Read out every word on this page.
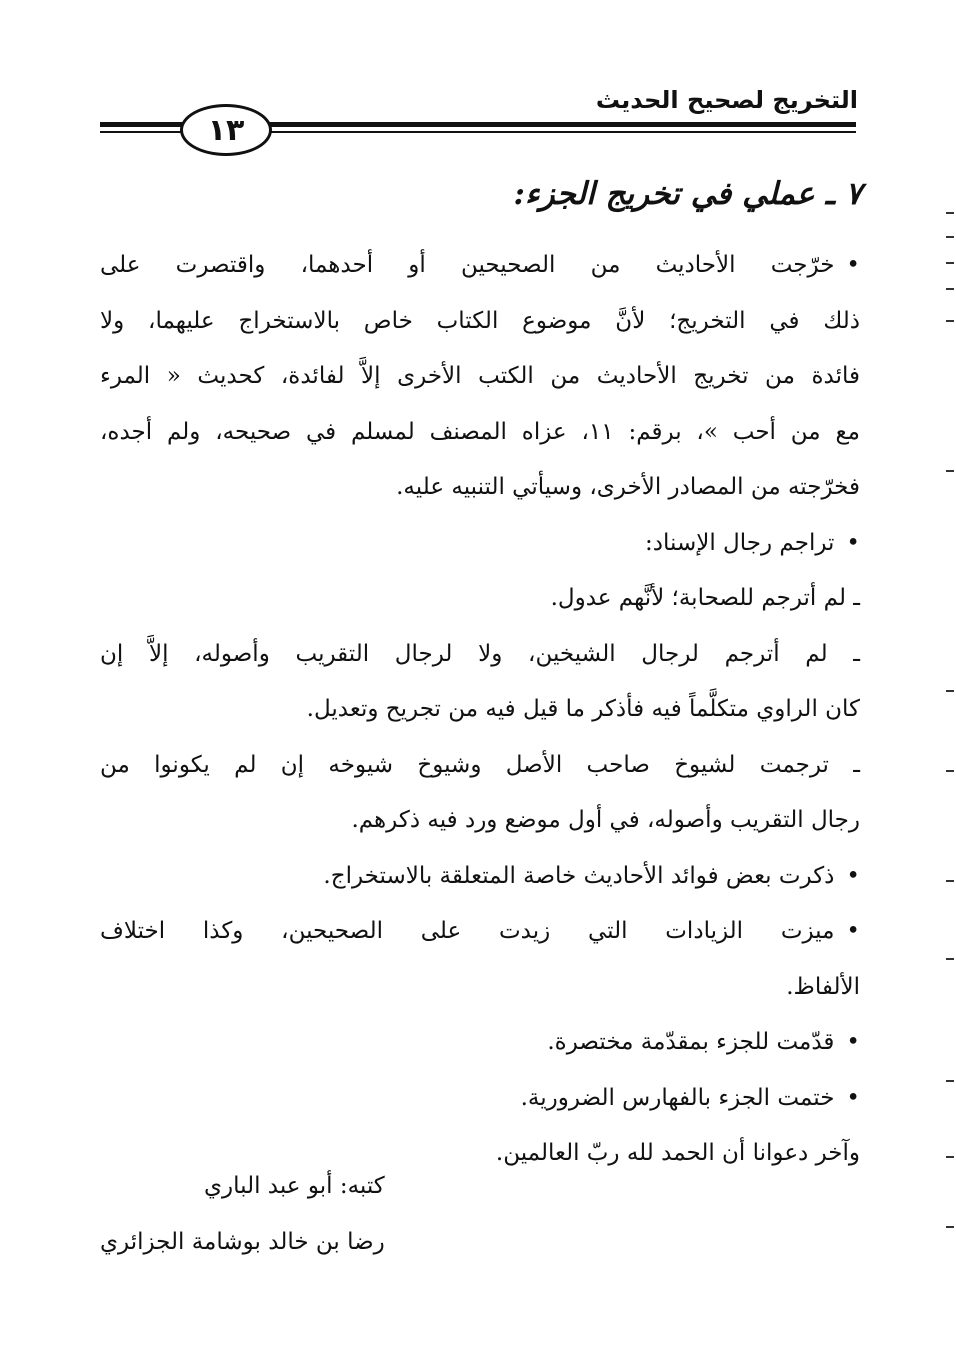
التخريج لصحيح الحديث
١٣
٧ ـ عملي في تخريج الجزء:

•خرّجت الأحاديث من الصحيحين أو أحدهما، واقتصرت على

ذلك في التخريج؛ لأنَّ موضوع الكتاب خاص بالاستخراج عليهما، ولا

فائدة من تخريج الأحاديث من الكتب الأخرى إلاَّ لفائدة، كحديث « المرء

مع من أحب »، برقم: ١١، عزاه المصنف لمسلم في صحيحه، ولم أجده،

فخرّجته من المصادر الأخرى، وسيأتي التنبيه عليه.

•تراجم رجال الإسناد:

ـ لم أترجم للصحابة؛ لأنَّهم عدول.

ـ لم أترجم لرجال الشيخين، ولا لرجال التقريب وأصوله، إلاَّ إن

كان الراوي متكلَّماً فيه فأذكر ما قيل فيه من تجريح وتعديل.

ـ ترجمت لشيوخ صاحب الأصل وشيوخ شيوخه إن لم يكونوا من

رجال التقريب وأصوله، في أول موضع ورد فيه ذكرهم.

•ذكرت بعض فوائد الأحاديث خاصة المتعلقة بالاستخراج.

•ميزت الزيادات التي زيدت على الصحيحين، وكذا اختلاف

الألفاظ.

•قدّمت للجزء بمقدّمة مختصرة.

•ختمت الجزء بالفهارس الضرورية.

وآخر دعوانا أن الحمد لله ربّ العالمين.

كتبه: أبو عبد الباري
رضا بن خالد بوشامة الجزائري
